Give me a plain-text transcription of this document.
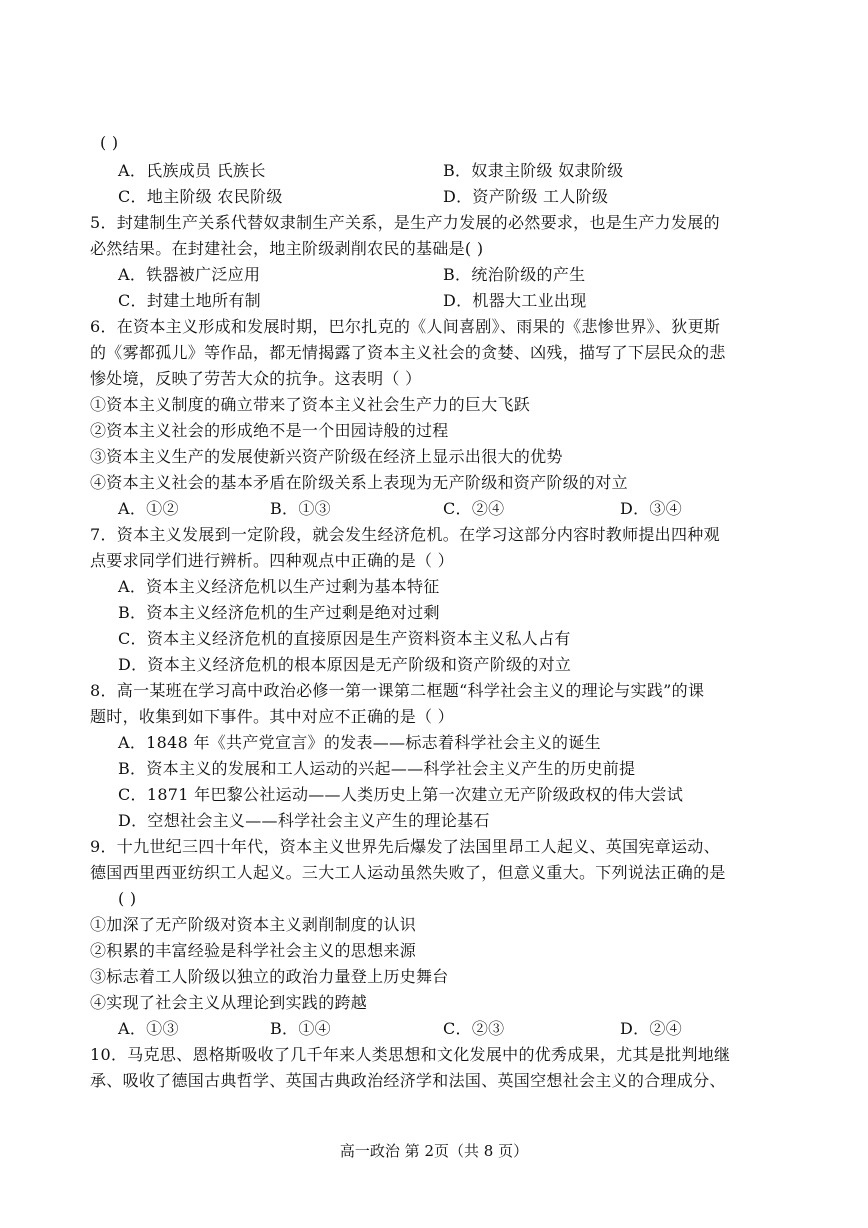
( )
A．氏族成员 氏族长	B．奴隶主阶级 奴隶阶级
C．地主阶级 农民阶级	D．资产阶级 工人阶级
5．封建制生产关系代替奴隶制生产关系，是生产力发展的必然要求，也是生产力发展的
必然结果。在封建社会，地主阶级剥削农民的基础是( )
A．铁器被广泛应用	B．统治阶级的产生
C．封建土地所有制	D．机器大工业出现
6．在资本主义形成和发展时期，巴尔扎克的《人间喜剧》、雨果的《悲惨世界》、狄更斯
的《雾都孤儿》等作品，都无情揭露了资本主义社会的贪婪、凶残，描写了下层民众的悲
惨处境，反映了劳苦大众的抗争。这表明（ ）
①资本主义制度的确立带来了资本主义社会生产力的巨大飞跃
②资本主义社会的形成绝不是一个田园诗般的过程
③资本主义生产的发展使新兴资产阶级在经济上显示出很大的优势
④资本主义社会的基本矛盾在阶级关系上表现为无产阶级和资产阶级的对立
A．①②	B．①③	C．②④	D．③④
7．资本主义发展到一定阶段，就会发生经济危机。在学习这部分内容时教师提出四种观
点要求同学们进行辨析。四种观点中正确的是（ ）
A．资本主义经济危机以生产过剩为基本特征
B．资本主义经济危机的生产过剩是绝对过剩
C．资本主义经济危机的直接原因是生产资料资本主义私人占有
D．资本主义经济危机的根本原因是无产阶级和资产阶级的对立
8．高一某班在学习高中政治必修一第一课第二框题“科学社会主义的理论与实践”的课
题时，收集到如下事件。其中对应不正确的是（ ）
A．1848 年《共产党宣言》的发表——标志着科学社会主义的诞生
B．资本主义的发展和工人运动的兴起——科学社会主义产生的历史前提
C．1871 年巴黎公社运动——人类历史上第一次建立无产阶级政权的伟大尝试
D．空想社会主义——科学社会主义产生的理论基石
9．十九世纪三四十年代，资本主义世界先后爆发了法国里昂工人起义、英国宪章运动、
德国西里西亚纺织工人起义。三大工人运动虽然失败了，但意义重大。下列说法正确的是
( )
①加深了无产阶级对资本主义剥削制度的认识
②积累的丰富经验是科学社会主义的思想来源
③标志着工人阶级以独立的政治力量登上历史舞台
④实现了社会主义从理论到实践的跨越
A．①③	B．①④	C．②③	D．②④
10．马克思、恩格斯吸收了几千年来人类思想和文化发展中的优秀成果，尤其是批判地继
承、吸收了德国古典哲学、英国古典政治经济学和法国、英国空想社会主义的合理成分、
高一政治 第 2页（共 8 页）
